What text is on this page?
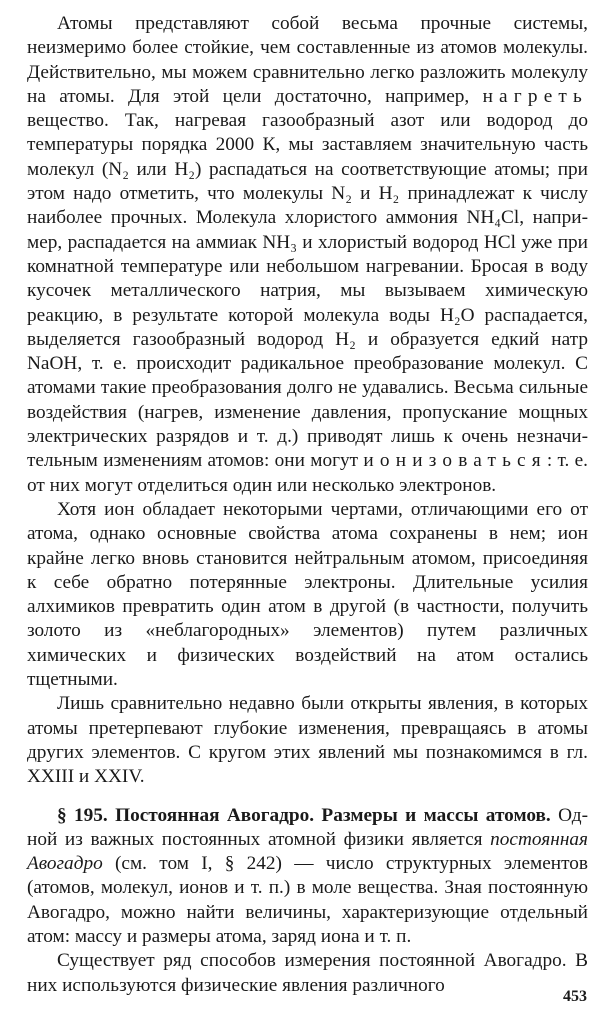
Атомы представляют собой весьма прочные системы, неизмеримо более стойкие, чем составленные из атомов молекулы. Действительно, мы можем сравнительно легко разложить молекулу на атомы. Для этой цели достаточно, например, нагреть вещество. Так, нагревая газообразный азот или водород до температуры порядка 2000 К, мы заставляем значительную часть молекул (N₂ или H₂) распадаться на соответствующие атомы; при этом надо отметить, что молекулы N₂ и H₂ принадлежат к числу наиболее прочных. Молекула хлористого аммония NH₄Cl, например, распадается на аммиак NH₃ и хлористый водород HCl уже при комнатной температуре или небольшом нагревании. Бросая в воду кусочек металлического натрия, мы вызываем химическую реакцию, в результате которой молекула воды H₂O распадается, выделяется газообразный водород H₂ и образуется едкий натр NaOH, т. е. происходит радикальное преобразование молекул. С атомами такие преобразования долго не удавались. Весьма сильные воздействия (нагрев, изменение давления, пропускание мощных электрических разрядов и т. д.) приводят лишь к очень незначительным изменениям атомов: они могут ионизоваться: т. е. от них могут отделиться один или несколько электронов.

Хотя ион обладает некоторыми чертами, отличающими его от атома, однако основные свойства атома сохранены в нем; ион крайне легко вновь становится нейтральным атомом, присоединяя к себе обратно потерянные электроны. Длительные усилия алхимиков превратить один атом в другой (в частности, получить золото из «неблагородных» элементов) путем различных химических и физических воздействий на атом остались тщетными.

Лишь сравнительно недавно были открыты явления, в которых атомы претерпевают глубокие изменения, превращаясь в атомы других элементов. С кругом этих явлений мы познакомимся в гл. XXIII и XXIV.

§ 195. Постоянная Авогадро. Размеры и массы атомов. Одной из важных постоянных атомной физики является постоянная Авогадро (см. том I, § 242) — число структурных элементов (атомов, молекул, ионов и т. п.) в моле вещества. Зная постоянную Авогадро, можно найти величины, характеризующие отдельный атом: массу и размеры атома, заряд иона и т. п.

Существует ряд способов измерения постоянной Авогадро. В них используются физические явления различного

453
